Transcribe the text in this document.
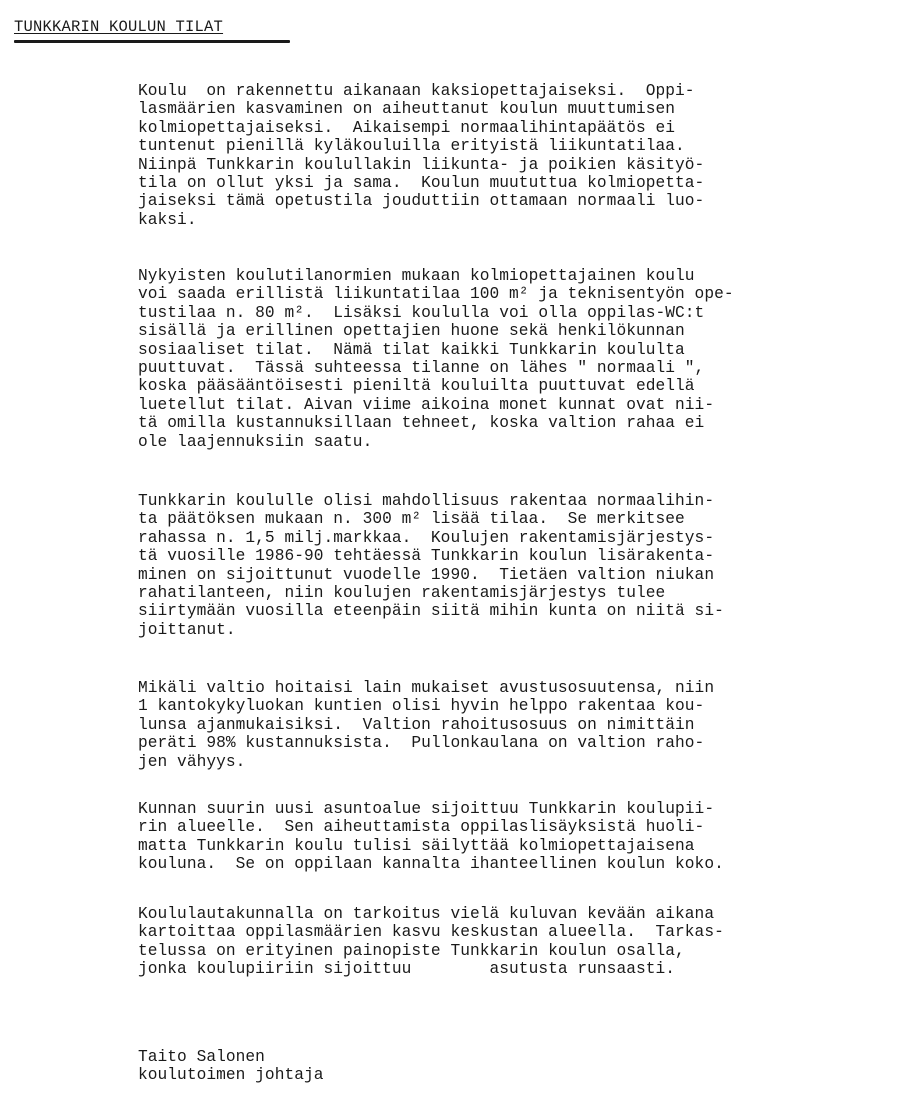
TUNKKARIN KOULUN TILAT
Koulu  on rakennettu aikanaan kaksiopettajaiseksi.  Oppi-
lasmäärien kasvaminen on aiheuttanut koulun muuttumisen
kolmiopettajaiseksi.  Aikaisempi normaalihintapäätös ei
tuntenut pienillä kyläkouluilla erityistä liikuntatilaa.
Niinpä Tunkkarin koulullakin liikunta- ja poikien käsityö-
tila on ollut yksi ja sama.  Koulun muututtua kolmiopetta-
jaiseksi tämä opetustila jouduttiin ottamaan normaali luo-
kaksi.
Nykyisten koulutilanormien mukaan kolmiopettajainen koulu
voi saada erillistä liikuntatilaa 100 m² ja teknisentyön ope-
tustilaa n. 80 m².  Lisäksi koululla voi olla oppilas-WC:t
sisällä ja erillinen opettajien huone sekä henkilökunnan
sosiaaliset tilat.  Nämä tilat kaikki Tunkkarin koululta
puuttuvat.  Tässä suhteessa tilanne on lähes " normaali ",
koska pääsääntöisesti pieniltä kouluilta puuttuvat edellä
luetellut tilat. Aivan viime aikoina monet kunnat ovat nii-
tä omilla kustannuksillaan tehneet, koska valtion rahaa ei
ole laajennuksiin saatu.
Tunkkarin koululle olisi mahdollisuus rakentaa normaalihin-
ta päätöksen mukaan n. 300 m² lisää tilaa.  Se merkitsee
rahassa n. 1,5 milj.markkaa.  Koulujen rakentamisjärjestys-
tä vuosille 1986-90 tehtäessä Tunkkarin koulun lisärakenta-
minen on sijoittunut vuodelle 1990.  Tietäen valtion niukan
rahatilanteen, niin koulujen rakentamisjärjestys tulee
siirtymään vuosilla eteenpäin siitä mihin kunta on niitä si-
joittanut.
Mikäli valtio hoitaisi lain mukaiset avustusosuutensa, niin
1 kantokykyluokan kuntien olisi hyvin helppo rakentaa kou-
lunsa ajanmukaisiksi.  Valtion rahoitusosuus on nimittäin
peräti 98% kustannuksista.  Pullonkaulana on valtion raho-
jen vähyys.
Kunnan suurin uusi asuntoalue sijoittuu Tunkkarin koulupii-
rin alueelle.  Sen aiheuttamista oppilaslisäyksistä huoli-
matta Tunkkarin koulu tulisi säilyttää kolmiopettajaisena
kouluna.  Se on oppilaan kannalta ihanteellinen koulun koko.
Koululautakunnalla on tarkoitus vielä kuluvan kevään aikana
kartoittaa oppilasmäärien kasvu keskustan alueella.  Tarkas-
telussa on erityinen painopiste Tunkkarin koulun osalla,
jonka koulupiiriin sijoittuu        asutusta runsaasti.
Taito Salonen
koulutoimen johtaja
